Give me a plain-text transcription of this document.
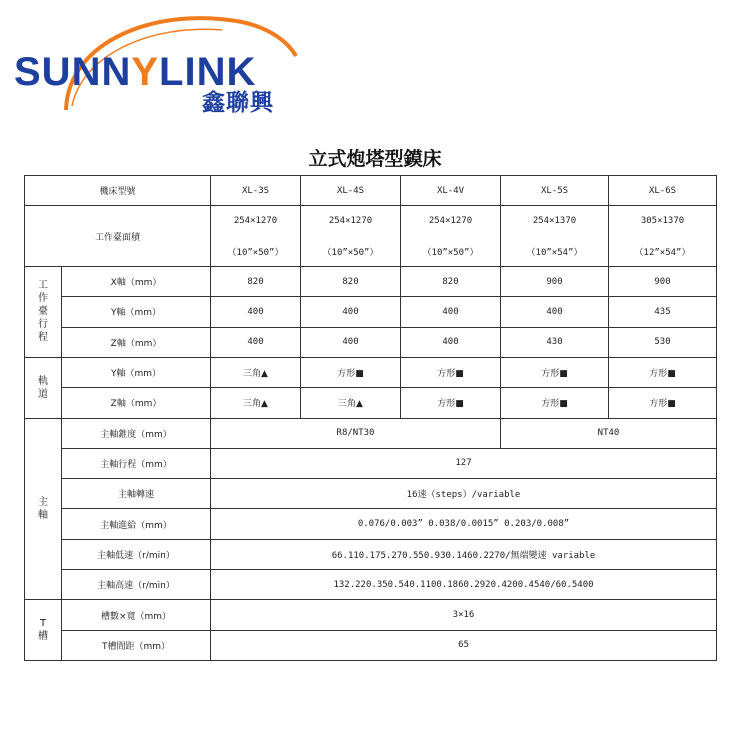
SUNNYLINK
鑫聯興
立式炮塔型鏌床
機床型號		XL-3S	XL-4S	XL-4V	XL-5S	XL-6S
工作臺面積		254×1270	254×1270	254×1270	254×1370	305×1370
		（10”×50”）	（10”×50”）	（10”×50”）	（10”×54”）	（12”×54”）

工
作
臺
行
程	X軸（mm）	820	820	820	900	900
	Y軸（mm）	400	400	400	400	435
	Z軸（mm）	400	400	400	430	530

軌
道	Y軸（mm）	三角▲	方形■	方形■	方形■	方形■
	Z軸（mm）	三角▲	三角▲	方形■	方形■	方形■

主
軸	主軸錐度（mm）	R8/NT30			NT40	
	主軸行程（mm）	127				
	主軸轉速	16速（steps）/variable				
	主軸進給（mm）	0.076/0.003” 0.038/0.0015” 0.203/0.008”				
	主軸低速（r/min）	66.110.175.270.550.930.1460.2270/無端變速 variable				
	主軸高速（r/min）	132.220.350.540.1100.1860.2920.4200.4540/60.5400				

T
槽	槽數×寬（mm）	3×16				
	T槽間距（mm）	65				
